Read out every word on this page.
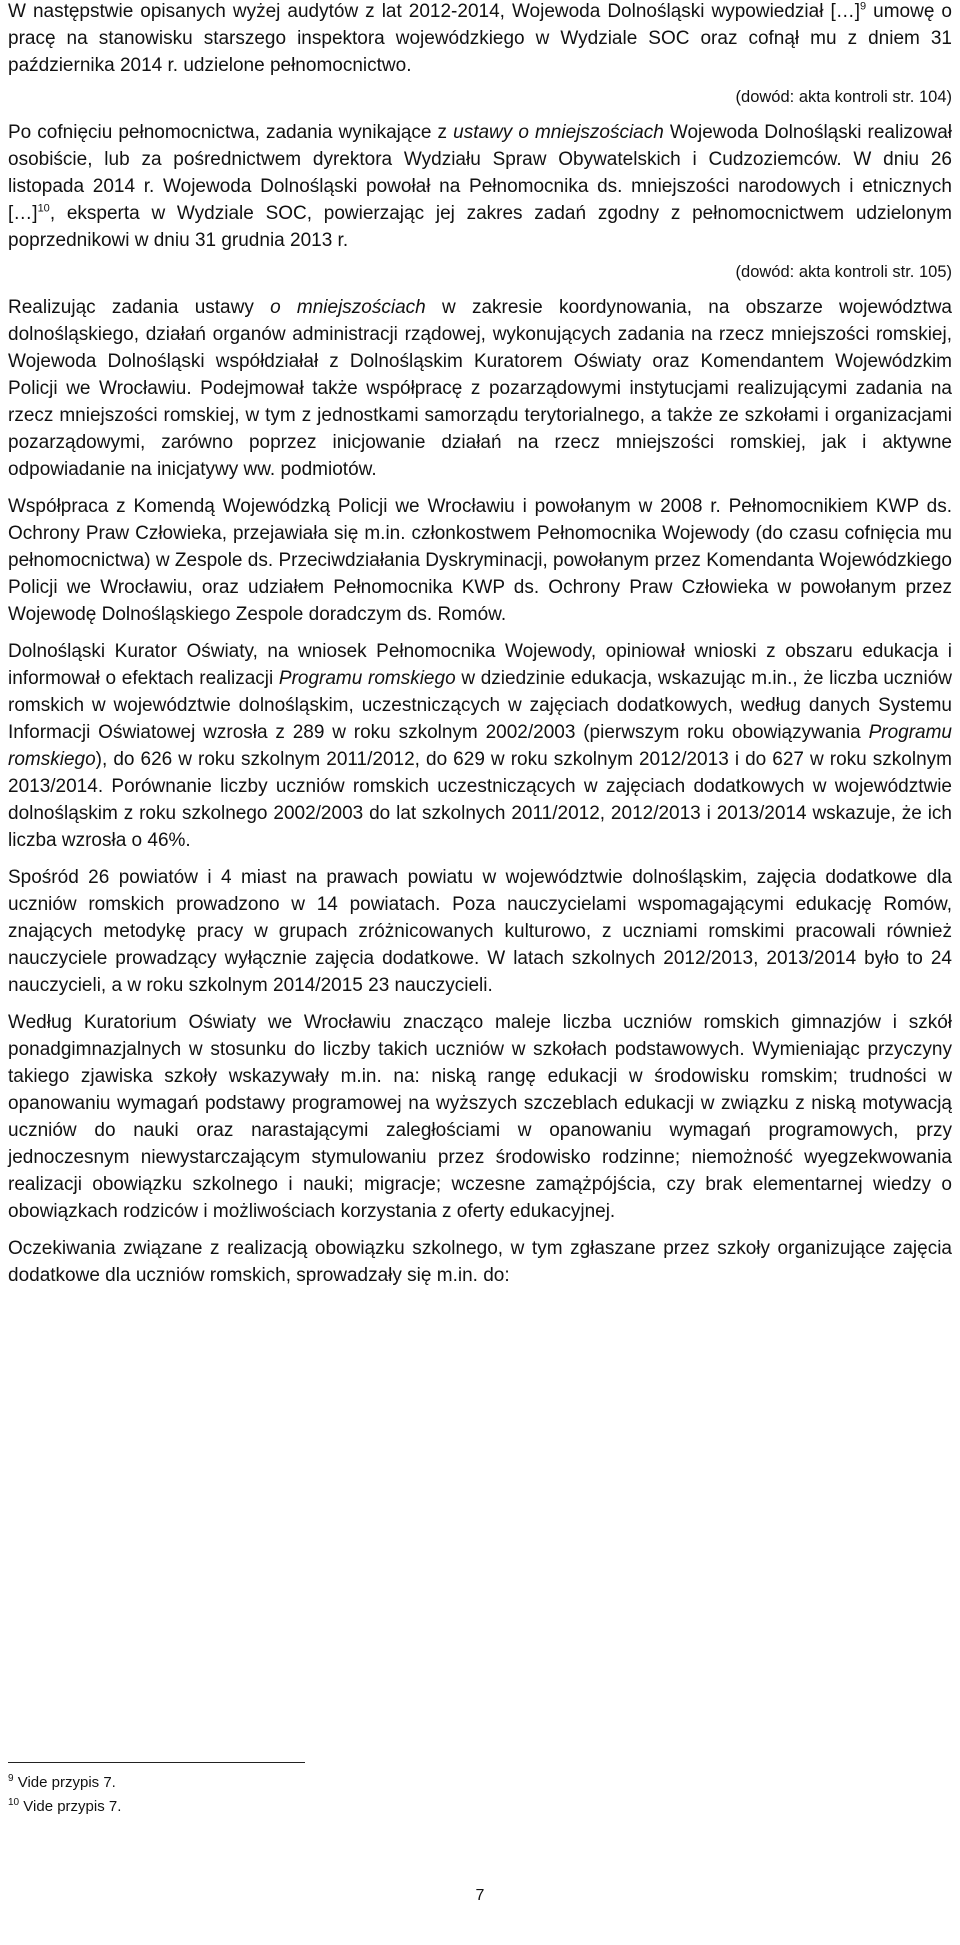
W następstwie opisanych wyżej audytów z lat 2012-2014, Wojewoda Dolnośląski wypowiedział […]$^9$ umowę o pracę na stanowisku starszego inspektora wojewódzkiego w Wydziale SOC oraz cofnął mu z dniem 31 października 2014 r. udzielone pełnomocnictwo.

(dowód: akta kontroli str. 104)

Po cofnięciu pełnomocnictwa, zadania wynikające z ustawy o mniejszościach Wojewoda Dolnośląski realizował osobiście, lub za pośrednictwem dyrektora Wydziału Spraw Obywatelskich i Cudzoziemców. W dniu 26 listopada 2014 r. Wojewoda Dolnośląski powołał na Pełnomocnika ds. mniejszości narodowych i etnicznych […]$^{10}$, eksperta w Wydziale SOC, powierzając jej zakres zadań zgodny z pełnomocnictwem udzielonym poprzednikowi w dniu 31 grudnia 2013 r.

(dowód: akta kontroli str. 105)

Realizując zadania ustawy o mniejszościach w zakresie koordynowania, na obszarze województwa dolnośląskiego, działań organów administracji rządowej, wykonujących zadania na rzecz mniejszości romskiej, Wojewoda Dolnośląski współdziałał z Dolnośląskim Kuratorem Oświaty oraz Komendantem Wojewódzkim Policji we Wrocławiu. Podejmował także współpracę z pozarządowymi instytucjami realizującymi zadania na rzecz mniejszości romskiej, w tym z jednostkami samorządu terytorialnego, a także ze szkołami i organizacjami pozarządowymi, zarówno poprzez inicjowanie działań na rzecz mniejszości romskiej, jak i aktywne odpowiadanie na inicjatywy ww. podmiotów.

Współpraca z Komendą Wojewódzką Policji we Wrocławiu i powołanym w 2008 r. Pełnomocnikiem KWP ds. Ochrony Praw Człowieka, przejawiała się m.in. członkostwem Pełnomocnika Wojewody (do czasu cofnięcia mu pełnomocnictwa) w Zespole ds. Przeciwdziałania Dyskryminacji, powołanym przez Komendanta Wojewódzkiego Policji we Wrocławiu, oraz udziałem Pełnomocnika KWP ds. Ochrony Praw Człowieka w powołanym przez Wojewodę Dolnośląskiego Zespole doradczym ds. Romów.

Dolnośląski Kurator Oświaty, na wniosek Pełnomocnika Wojewody, opiniował wnioski z obszaru edukacja i informował o efektach realizacji Programu romskiego w dziedzinie edukacja, wskazując m.in., że liczba uczniów romskich w województwie dolnośląskim, uczestniczących w zajęciach dodatkowych, według danych Systemu Informacji Oświatowej wzrosła z 289 w roku szkolnym 2002/2003 (pierwszym roku obowiązywania Programu romskiego), do 626 w roku szkolnym 2011/2012, do 629 w roku szkolnym 2012/2013 i do 627 w roku szkolnym 2013/2014. Porównanie liczby uczniów romskich uczestniczących w zajęciach dodatkowych w województwie dolnośląskim z roku szkolnego 2002/2003 do lat szkolnych 2011/2012, 2012/2013 i 2013/2014 wskazuje, że ich liczba wzrosła o 46%.

Spośród 26 powiatów i 4 miast na prawach powiatu w województwie dolnośląskim, zajęcia dodatkowe dla uczniów romskich prowadzono w 14 powiatach. Poza nauczycielami wspomagającymi edukację Romów, znających metodykę pracy w grupach zróżnicowanych kulturowo, z uczniami romskimi pracowali również nauczyciele prowadzący wyłącznie zajęcia dodatkowe. W latach szkolnych 2012/2013, 2013/2014 było to 24 nauczycieli, a w roku szkolnym 2014/2015 23 nauczycieli.

Według Kuratorium Oświaty we Wrocławiu znacząco maleje liczba uczniów romskich gimnazjów i szkół ponadgimnazjalnych w stosunku do liczby takich uczniów w szkołach podstawowych. Wymieniając przyczyny takiego zjawiska szkoły wskazywały m.in. na: niską rangę edukacji w środowisku romskim; trudności w opanowaniu wymagań podstawy programowej na wyższych szczeblach edukacji w związku z niską motywacją uczniów do nauki oraz narastającymi zaległościami w opanowaniu wymagań programowych, przy jednoczesnym niewystarczającym stymulowaniu przez środowisko rodzinne; niemożność wyegzekwowania realizacji obowiązku szkolnego i nauki; migracje; wczesne zamążpójścia, czy brak elementarnej wiedzy o obowiązkach rodziców i możliwościach korzystania z oferty edukacyjnej.

Oczekiwania związane z realizacją obowiązku szkolnego, w tym zgłaszane przez szkoły organizujące zajęcia dodatkowe dla uczniów romskich, sprowadzały się m.in. do:

$^9$ Vide przypis 7.
$^{10}$ Vide przypis 7.
7
